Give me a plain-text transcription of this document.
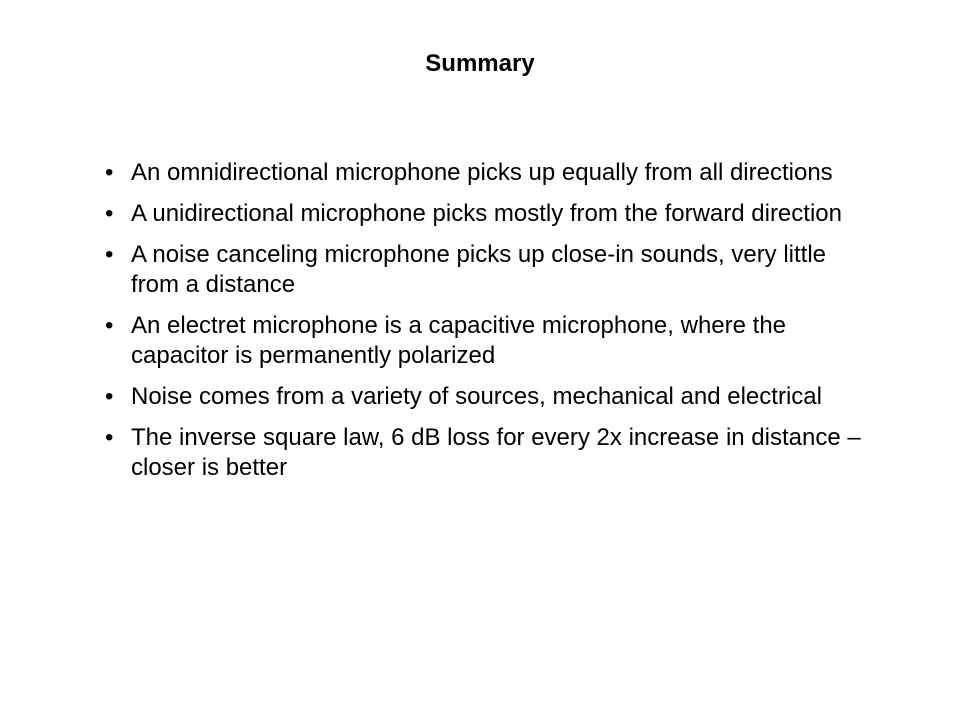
Summary
• An omnidirectional microphone picks up equally from all directions
• A unidirectional microphone picks mostly from the forward direction
• A noise canceling microphone picks up close-in sounds, very little from a distance
• An electret microphone is a capacitive microphone, where the capacitor is permanently polarized
• Noise comes from a variety of sources, mechanical and electrical
• The inverse square law, 6 dB loss for every 2x increase in distance – closer is better
